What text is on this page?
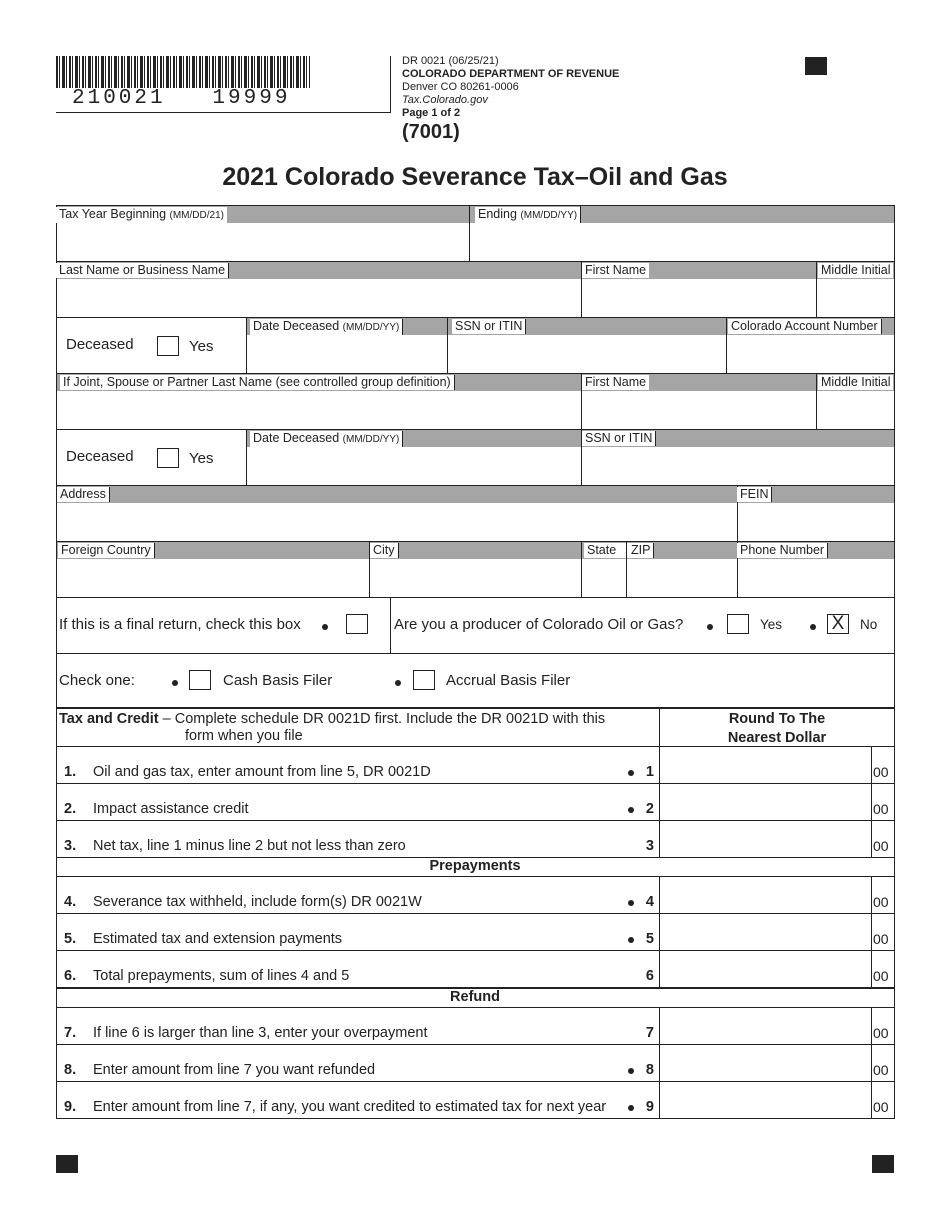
210021   19999
DR 0021 (06/25/21)
COLORADO DEPARTMENT OF REVENUE
Denver CO 80261-0006
Tax.Colorado.gov
Page 1 of 2
(7001)
2021 Colorado Severance Tax–Oil and Gas
Tax Year Beginning (MM/DD/21)	Ending (MM/DD/YY)
Last Name or Business Name	First Name	Middle Initial
Deceased	Yes
Date Deceased (MM/DD/YY)	SSN or ITIN	Colorado Account Number
If Joint, Spouse or Partner Last Name (see controlled group definition)	First Name	Middle Initial
Deceased	Yes
Date Deceased (MM/DD/YY)	SSN or ITIN
Address	FEIN
Foreign Country	City	State	ZIP	Phone Number
If this is a final return, check this box	Are you a producer of Colorado Oil or Gas?	Yes	X	No
Check one:	Cash Basis Filer	Accrual Basis Filer
Tax and Credit – Complete schedule DR 0021D first. Include the DR 0021D with this
form when you file
Round To The
Nearest Dollar
1. Oil and gas tax, enter amount from line 5, DR 0021D	1	00
2. Impact assistance credit	2	00
3. Net tax, line 1 minus line 2 but not less than zero	3	00
4. Severance tax withheld, include form(s) DR 0021W	4	00
5. Estimated tax and extension payments	5	00
6. Total prepayments, sum of lines 4 and 5	6	00
7. If line 6 is larger than line 3, enter your overpayment	7	00
8. Enter amount from line 7 you want refunded	8	00
9. Enter amount from line 7, if any, you want credited to estimated tax for next year	9	00
Prepayments
Refund
